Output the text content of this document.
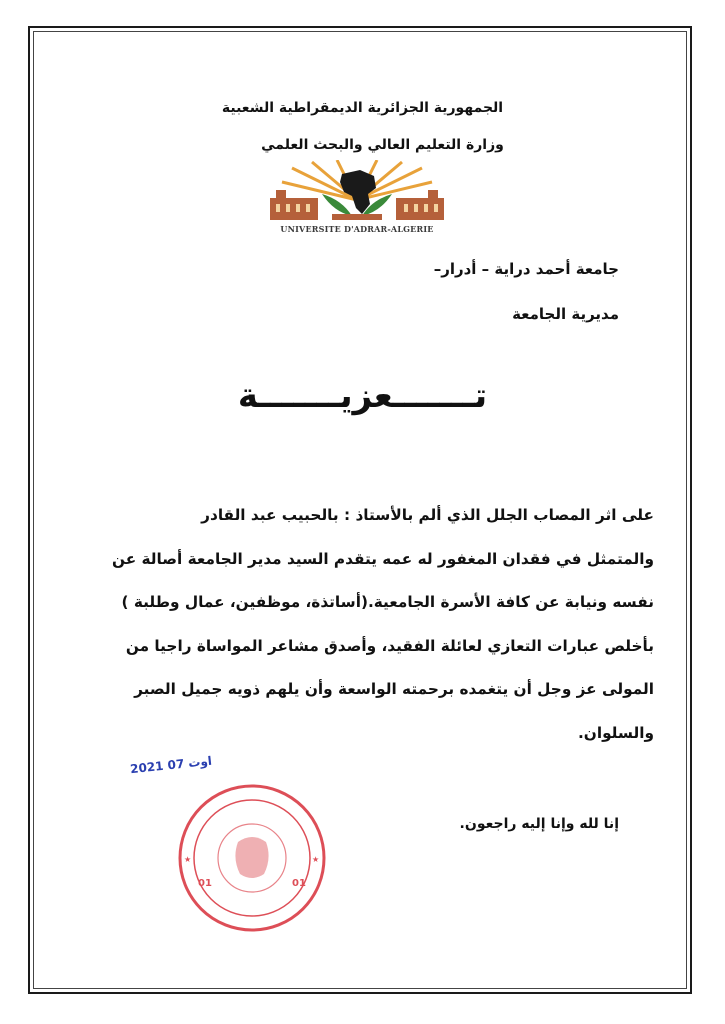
الجمهورية الجزائرية الديمقراطية الشعبية
وزارة التعليم العالي والبحث العلمي
UNIVERSITE D'ADRAR-ALGERIE
جامعة أحمد دراية – أدرار–
مديرية الجامعة
تـــــــعزيـــــــة

على اثر المصاب الجلل الذي ألم بالأستاذ : بالحبيب عبد القادر

والمتمثل في فقدان المغفور له عمه يتقدم السيد مدير الجامعة أصالة عن

نفسه ونيابة عن كافة الأسرة الجامعية.(أساتذة، موظفين، عمال وطلبة )

بأخلص عبارات التعازي لعائلة الفقيد، وأصدق مشاعر المواساة راجيا من

المولى عز وجل أن يتغمده برحمته الواسعة وأن يلهم ذويه جميل الصبر

والسلوان.

2021 07 اوت
★	★
01	01
إنا لله وإنا إليه راجعون.
